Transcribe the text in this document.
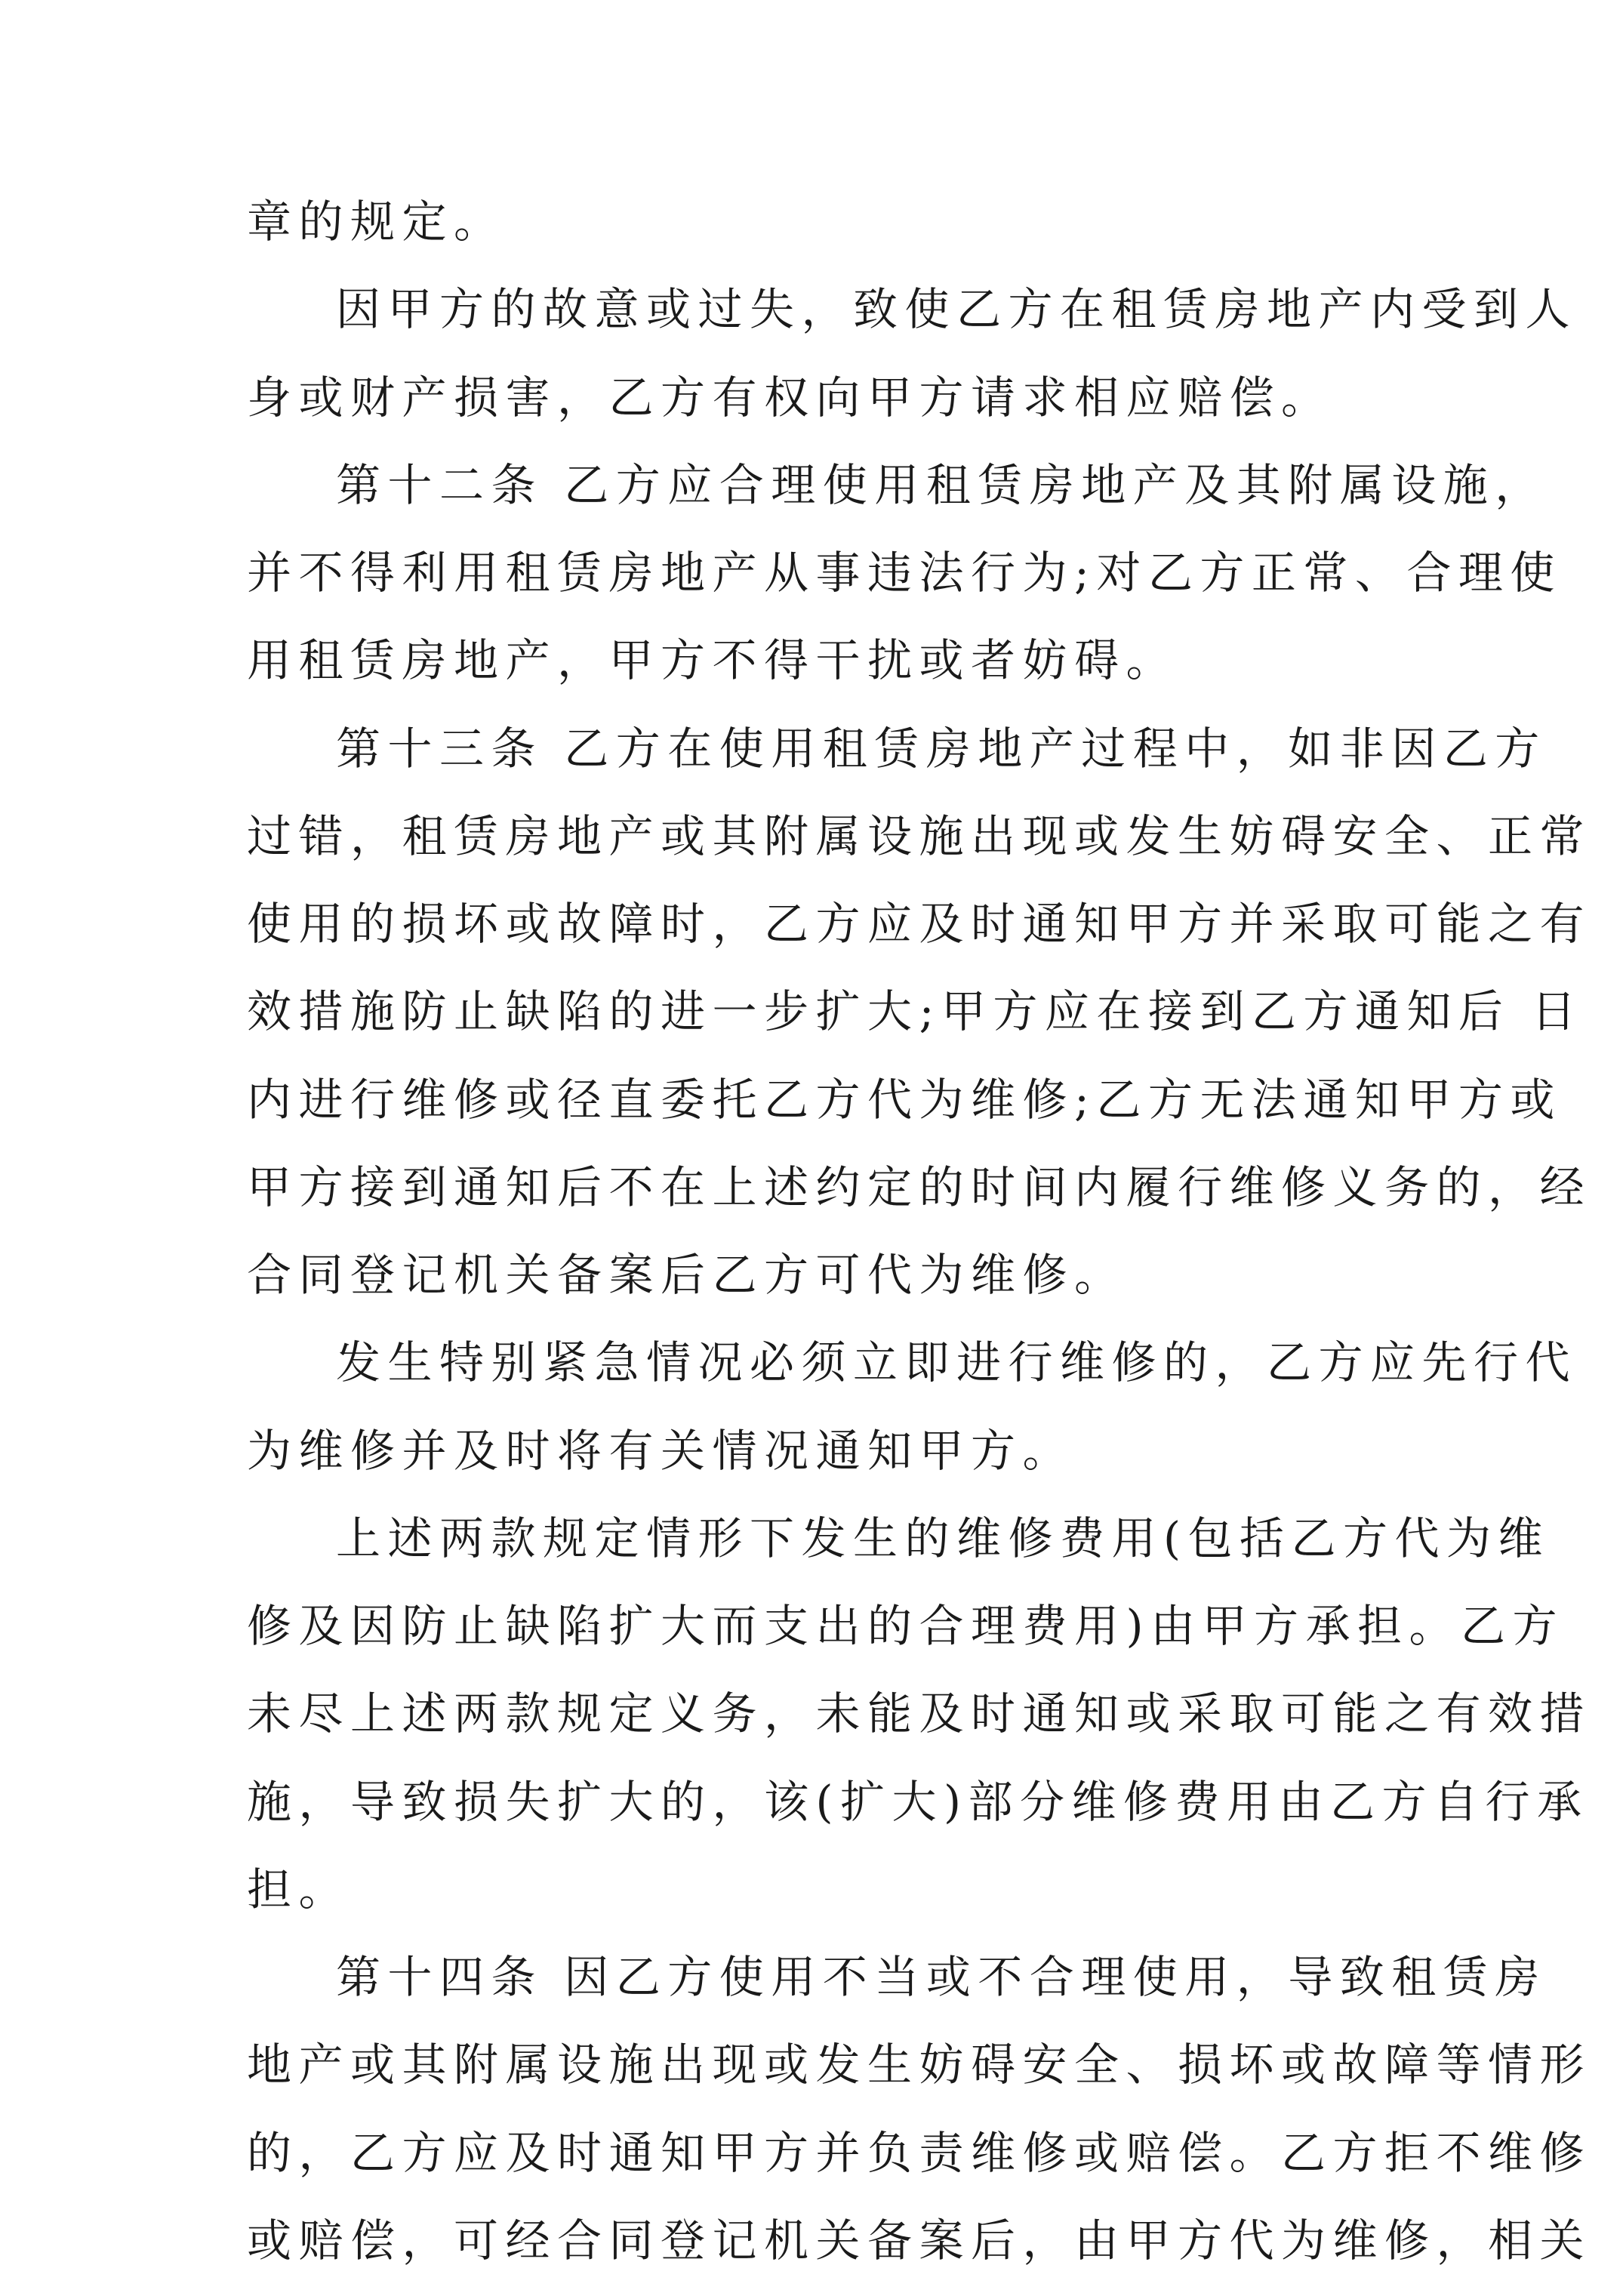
章的规定。

因甲方的故意或过失，致使乙方在租赁房地产内受到人

身或财产损害，乙方有权向甲方请求相应赔偿。

第十二条 乙方应合理使用租赁房地产及其附属设施，

并不得利用租赁房地产从事违法行为;对乙方正常、合理使

用租赁房地产，甲方不得干扰或者妨碍。

第十三条 乙方在使用租赁房地产过程中，如非因乙方

过错，租赁房地产或其附属设施出现或发生妨碍安全、正常

使用的损坏或故障时，乙方应及时通知甲方并采取可能之有

效措施防止缺陷的进一步扩大;甲方应在接到乙方通知后 日

内进行维修或径直委托乙方代为维修;乙方无法通知甲方或

甲方接到通知后不在上述约定的时间内履行维修义务的，经

合同登记机关备案后乙方可代为维修。

发生特别紧急情况必须立即进行维修的，乙方应先行代

为维修并及时将有关情况通知甲方。

上述两款规定情形下发生的维修费用(包括乙方代为维

修及因防止缺陷扩大而支出的合理费用)由甲方承担。乙方

未尽上述两款规定义务，未能及时通知或采取可能之有效措

施，导致损失扩大的，该(扩大)部分维修费用由乙方自行承

担。

第十四条 因乙方使用不当或不合理使用，导致租赁房

地产或其附属设施出现或发生妨碍安全、损坏或故障等情形

的，乙方应及时通知甲方并负责维修或赔偿。乙方拒不维修

或赔偿，可经合同登记机关备案后，由甲方代为维修，相关
